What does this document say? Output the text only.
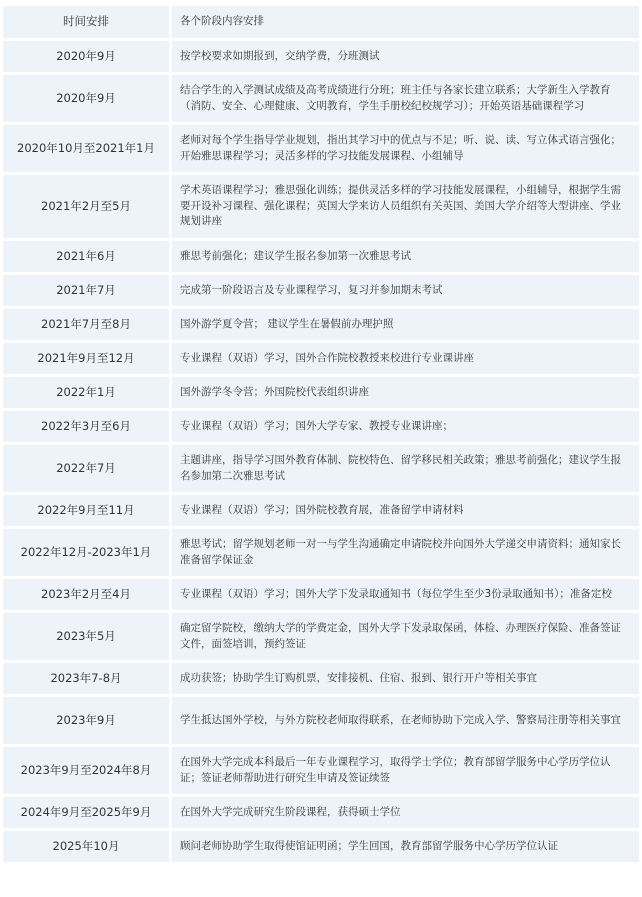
时间安排	各个阶段内容安排
2020年9月	按学校要求如期报到，交纳学费，分班测试
2020年9月	结合学生的入学测试成绩及高考成绩进行分班；班主任与各家长建立联系；大学新生入学教育（消防、安全、心理健康、文明教育，学生手册校纪校规学习）；开始英语基础课程学习
2020年10月至2021年1月	老师对每个学生指导学业规划，指出其学习中的优点与不足；听、说、读、写立体式语言强化；开始雅思课程学习；灵活多样的学习技能发展课程、小组辅导
2021年2月至5月	学术英语课程学习；雅思强化训练；提供灵活多样的学习技能发展课程，小组辅导，根据学生需要开设补习课程、强化课程；英国大学来访人员组织有关英国、美国大学介绍等大型讲座、学业规划讲座
2021年6月	雅思考前强化；建议学生报名参加第一次雅思考试
2021年7月	完成第一阶段语言及专业课程学习，复习并参加期末考试
2021年7月至8月	国外游学夏令营； 建议学生在暑假前办理护照
2021年9月至12月	专业课程（双语）学习，国外合作院校教授来校进行专业课讲座
2022年1月	国外游学冬令营；外国院校代表组织讲座
2022年3月至6月	专业课程（双语）学习；国外大学专家、教授专业课讲座；
2022年7月	主题讲座，指导学习国外教育体制、院校特色、留学移民相关政策；雅思考前强化；建议学生报名参加第二次雅思考试
2022年9月至11月	专业课程（双语）学习；国外院校教育展，准备留学申请材料
2022年12月-2023年1月	雅思考试；留学规划老师一对一与学生沟通确定申请院校并向国外大学递交申请资料；通知家长准备留学保证金
2023年2月至4月	专业课程（双语）学习；国外大学下发录取通知书（每位学生至少3份录取通知书）；准备定校
2023年5月	确定留学院校，缴纳大学的学费定金，国外大学下发录取保函，体检、办理医疗保险、准备签证文件，面签培训，预约签证
2023年7-8月	成功获签；协助学生订购机票，安排接机、住宿、报到、银行开户等相关事宜
2023年9月	学生抵达国外学校，与外方院校老师取得联系，在老师协助下完成入学、警察局注册等相关事宜
2023年9月至2024年8月	在国外大学完成本科最后一年专业课程学习，取得学士学位；教育部留学服务中心学历学位认证；签证老师帮助进行研究生申请及签证续签
2024年9月至2025年9月	在国外大学完成研究生阶段课程，获得硕士学位
2025年10月	顾问老师协助学生取得使馆证明函；学生回国，教育部留学服务中心学历学位认证
